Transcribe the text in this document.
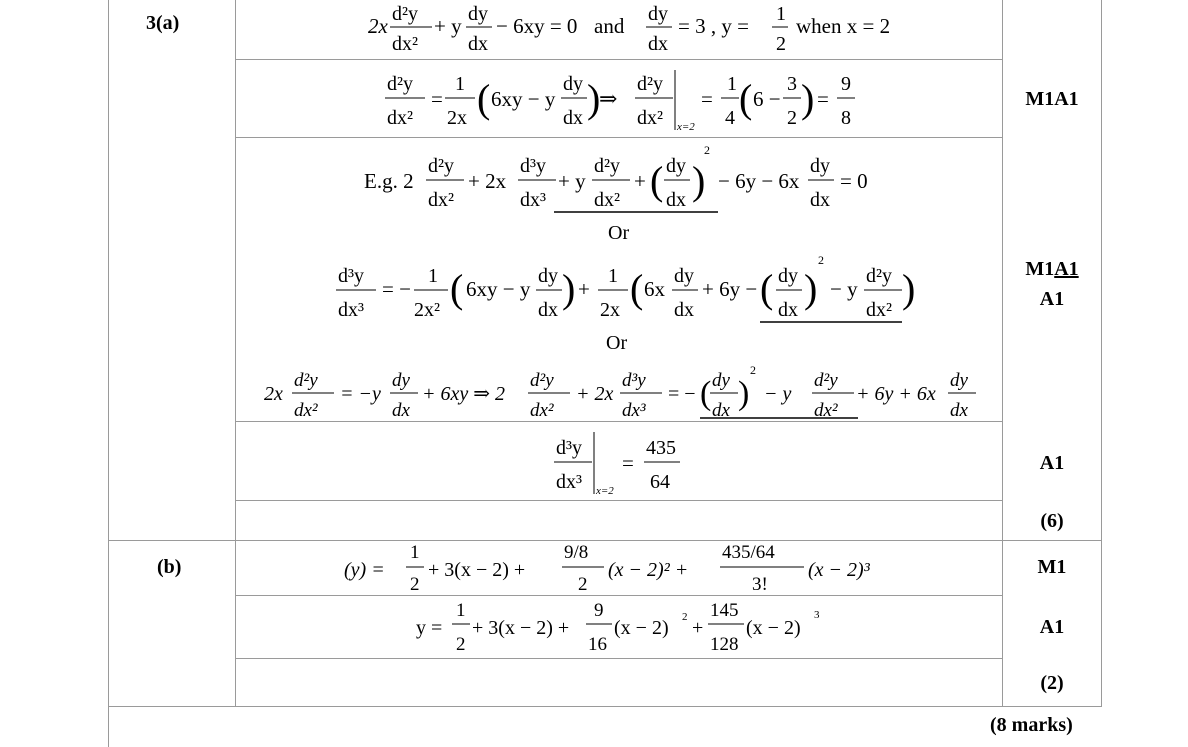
3(a)
(b)
2x d²y
dx²
+ y dy
dx
− 6xy = 0 and dy
dx
= 3 , y = 1
2
when x = 2
d²y
dx²
=
1
2x ( 6xy − y
dy
dx )
⇒
d²y
dx² x=2
=
1
4 ( 6 −
3
2 ) =
9
8
M1A1
E.g. 2
d²y
dx²
+ 2x
d³y
dx³
+ y
d²y
dx²
+ ( dy
dx )
2
− 6y − 6x
dy
dx
= 0
Or
d³y
dx³
= −
1
2x² ( 6xy − y
dy
dx ) +
1
2x ( 6x
dy
dx
+ 6y − ( dy
dx )
2
− y
d²y
dx² )	M1A1
A1
Or
2x
d²y
dx²
= −y
dy
dx
+ 6xy ⇒ 2
d²y
dx²
+ 2x
d³y
dx³
= − ( dy
dx )
2
− y
d²y
dx²
+ 6y + 6x
dy
dx
d³y
dx³ x=2
=
435
64
A1
(6)
(y) =
1
2
+ 3(x − 2) +
9/8
2
(x − 2)² +
435/64
3!
(x − 2)³	M1
y =
1
2
+ 3(x − 2) +
9
16
(x − 2) 2 +
145
128
(x − 2)
3
A1
(2)
(8 marks)
